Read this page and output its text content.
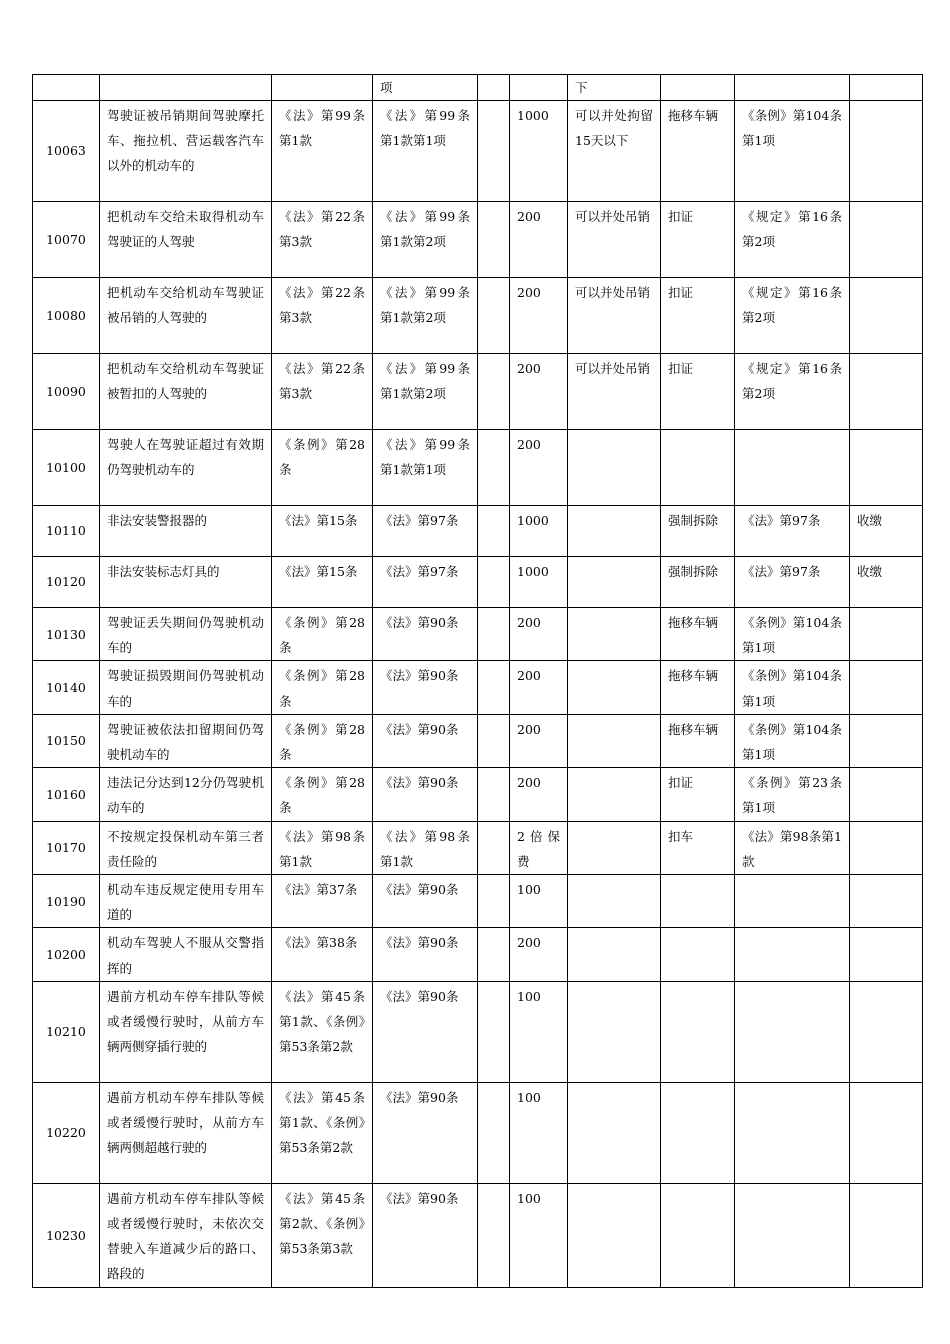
			项			下			
10063	驾驶证被吊销期间驾驶摩托车、拖拉机、营运载客汽车以外的机动车的	《法》第99条第1款	《法》第99条第1款第1项		1000	可以并处拘留15天以下	拖移车辆	《条例》第104条第1项	
10070	把机动车交给未取得机动车驾驶证的人驾驶	《法》第22条第3款	《法》第99条第1款第2项		200	可以并处吊销	扣证	《规定》第16条第2项	
10080	把机动车交给机动车驾驶证被吊销的人驾驶的	《法》第22条第3款	《法》第99条第1款第2项		200	可以并处吊销	扣证	《规定》第16条第2项	
10090	把机动车交给机动车驾驶证被暂扣的人驾驶的	《法》第22条第3款	《法》第99条第1款第2项		200	可以并处吊销	扣证	《规定》第16条第2项	
10100	驾驶人在驾驶证超过有效期仍驾驶机动车的	《条例》第28条	《法》第99条第1款第1项		200				
10110	非法安装警报器的	《法》第15条	《法》第97条		1000		强制拆除	《法》第97条	收缴
10120	非法安装标志灯具的	《法》第15条	《法》第97条		1000		强制拆除	《法》第97条	收缴
10130	驾驶证丢失期间仍驾驶机动车的	《条例》第28条	《法》第90条		200		拖移车辆	《条例》第104条第1项	
10140	驾驶证损毁期间仍驾驶机动车的	《条例》第28条	《法》第90条		200		拖移车辆	《条例》第104条第1项	
10150	驾驶证被依法扣留期间仍驾驶机动车的	《条例》第28条	《法》第90条		200		拖移车辆	《条例》第104条第1项	
10160	违法记分达到12分仍驾驶机动车的	《条例》第28条	《法》第90条		200		扣证	《条例》第23条第1项	
10170	不按规定投保机动车第三者责任险的	《法》第98条第1款	《法》第98条第1款		2倍保费		扣车	《法》第98条第1款	
10190	机动车违反规定使用专用车道的	《法》第37条	《法》第90条		100				
10200	机动车驾驶人不服从交警指挥的	《法》第38条	《法》第90条		200				
10210	遇前方机动车停车排队等候或者缓慢行驶时，从前方车辆两侧穿插行驶的	《法》第45条第1款、《条例》第53条第2款	《法》第90条		100				
10220	遇前方机动车停车排队等候或者缓慢行驶时，从前方车辆两侧超越行驶的	《法》第45条第1款、《条例》第53条第2款	《法》第90条		100				
10230	遇前方机动车停车排队等候或者缓慢行驶时，未依次交替驶入车道减少后的路口、路段的	《法》第45条第2款、《条例》第53条第3款	《法》第90条		100				
